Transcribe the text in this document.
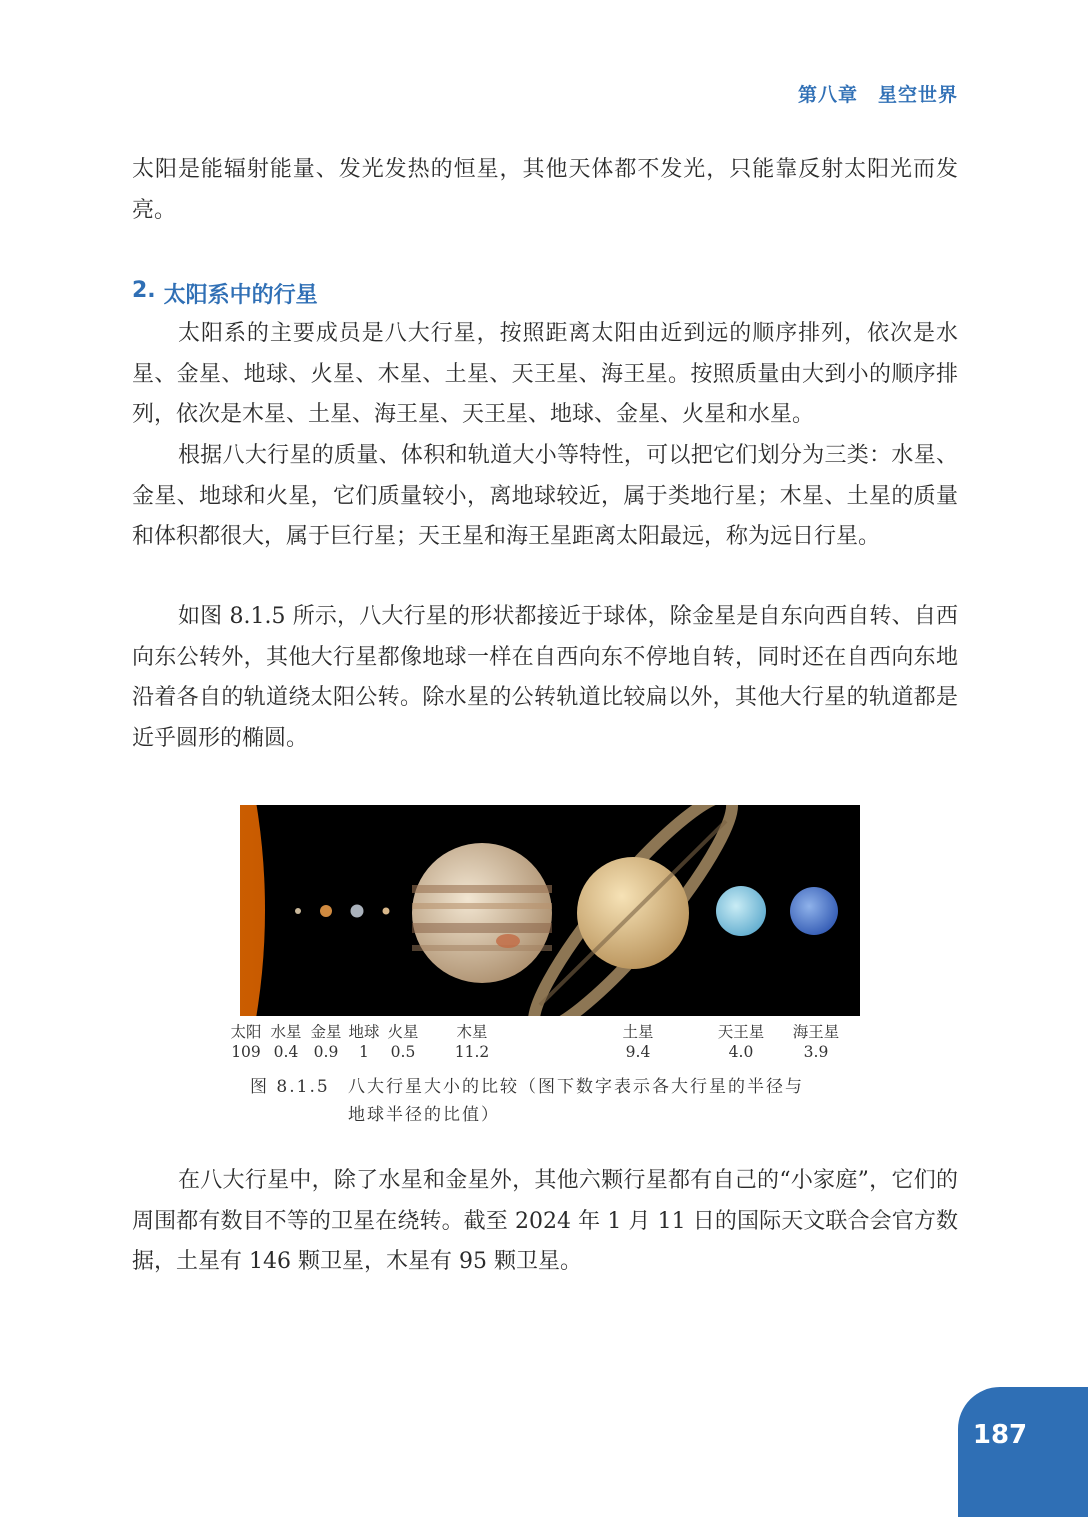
第八章 星空世界

太阳是能辐射能量、发光发热的恒星，其他天体都不发光，只能靠反射太阳光而发亮。

2. 太阳系中的行星

太阳系的主要成员是八大行星，按照距离太阳由近到远的顺序排列，依次是水星、金星、地球、火星、木星、土星、天王星、海王星。按照质量由大到小的顺序排列，依次是木星、土星、海王星、天王星、地球、金星、火星和水星。

根据八大行星的质量、体积和轨道大小等特性，可以把它们划分为三类：水星、金星、地球和火星，它们质量较小，离地球较近，属于类地行星；木星、土星的质量和体积都很大，属于巨行星；天王星和海王星距离太阳最远，称为远日行星。

如图 8.1.5 所示，八大行星的形状都接近于球体，除金星是自东向西自转、自西向东公转外，其他大行星都像地球一样在自西向东不停地自转，同时还在自西向东地沿着各自的轨道绕太阳公转。除水星的公转轨道比较扁以外，其他大行星的轨道都是近乎圆形的椭圆。

太阳
109
水星
0.4
金星
0.9
地球
1
火星
0.5
木星
11.2
土星
9.4
天王星
4.0
海王星
3.9
图 8.1.5 八大行星大小的比较（图下数字表示各大行星的半径与
地球半径的比值）

在八大行星中，除了水星和金星外，其他六颗行星都有自己的“小家庭”，它们的周围都有数目不等的卫星在绕转。截至 2024 年 1 月 11 日的国际天文联合会官方数据，土星有 146 颗卫星，木星有 95 颗卫星。

187
